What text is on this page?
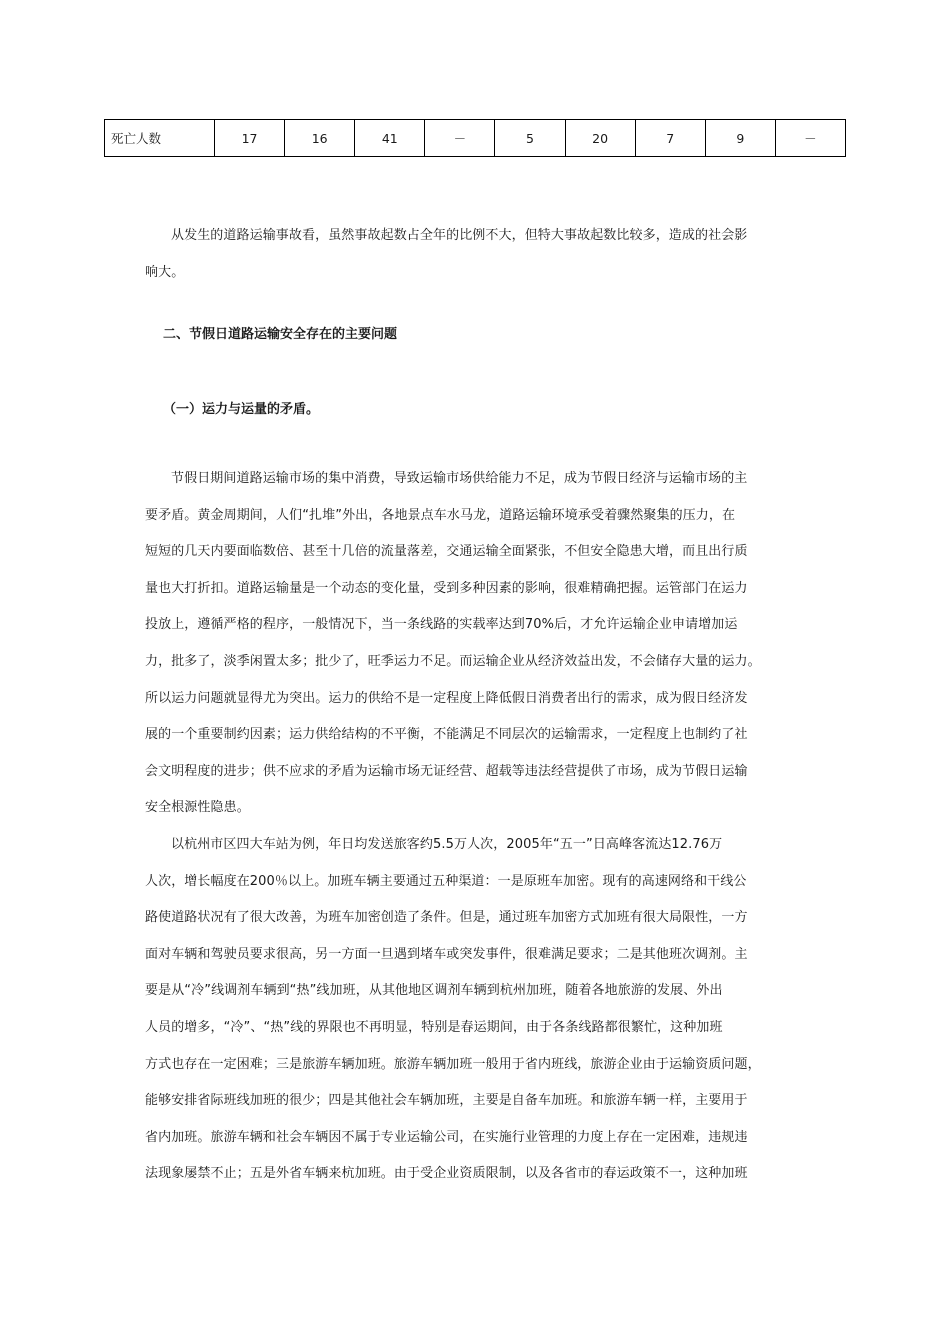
死亡人数	17	16	41	－	5	20	7	9	－

从发生的道路运输事故看，虽然事故起数占全年的比例不大，但特大事故起数比较多，造成的社会影
响大。

二、节假日道路运输安全存在的主要问题
（一）运力与运量的矛盾。

节假日期间道路运输市场的集中消费，导致运输市场供给能力不足，成为节假日经济与运输市场的主
要矛盾。黄金周期间，人们“扎堆”外出，各地景点车水马龙，道路运输环境承受着骤然聚集的压力，在
短短的几天内要面临数倍、甚至十几倍的流量落差，交通运输全面紧张，不但安全隐患大增，而且出行质
量也大打折扣。道路运输量是一个动态的变化量，受到多种因素的影响，很难精确把握。运管部门在运力
投放上，遵循严格的程序，一般情况下，当一条线路的实载率达到70%后，才允许运输企业申请增加运
力，批多了，淡季闲置太多；批少了，旺季运力不足。而运输企业从经济效益出发，不会储存大量的运力。
所以运力问题就显得尤为突出。运力的供给不是一定程度上降低假日消费者出行的需求，成为假日经济发
展的一个重要制约因素；运力供给结构的不平衡，不能满足不同层次的运输需求，一定程度上也制约了社
会文明程度的进步；供不应求的矛盾为运输市场无证经营、超载等违法经营提供了市场，成为节假日运输
安全根源性隐患。

以杭州市区四大车站为例，年日均发送旅客约5.5万人次，2005年“五一”日高峰客流达12.76万
人次，增长幅度在200％以上。加班车辆主要通过五种渠道：一是原班车加密。现有的高速网络和干线公
路使道路状况有了很大改善，为班车加密创造了条件。但是，通过班车加密方式加班有很大局限性，一方
面对车辆和驾驶员要求很高，另一方面一旦遇到堵车或突发事件，很难满足要求；二是其他班次调剂。主
要是从“冷”线调剂车辆到“热”线加班，从其他地区调剂车辆到杭州加班，随着各地旅游的发展、外出
人员的增多，“冷”、“热”线的界限也不再明显，特别是春运期间，由于各条线路都很繁忙，这种加班
方式也存在一定困难；三是旅游车辆加班。旅游车辆加班一般用于省内班线，旅游企业由于运输资质问题，
能够安排省际班线加班的很少；四是其他社会车辆加班，主要是自备车加班。和旅游车辆一样，主要用于
省内加班。旅游车辆和社会车辆因不属于专业运输公司，在实施行业管理的力度上存在一定困难，违规违
法现象屡禁不止；五是外省车辆来杭加班。由于受企业资质限制，以及各省市的春运政策不一，这种加班
